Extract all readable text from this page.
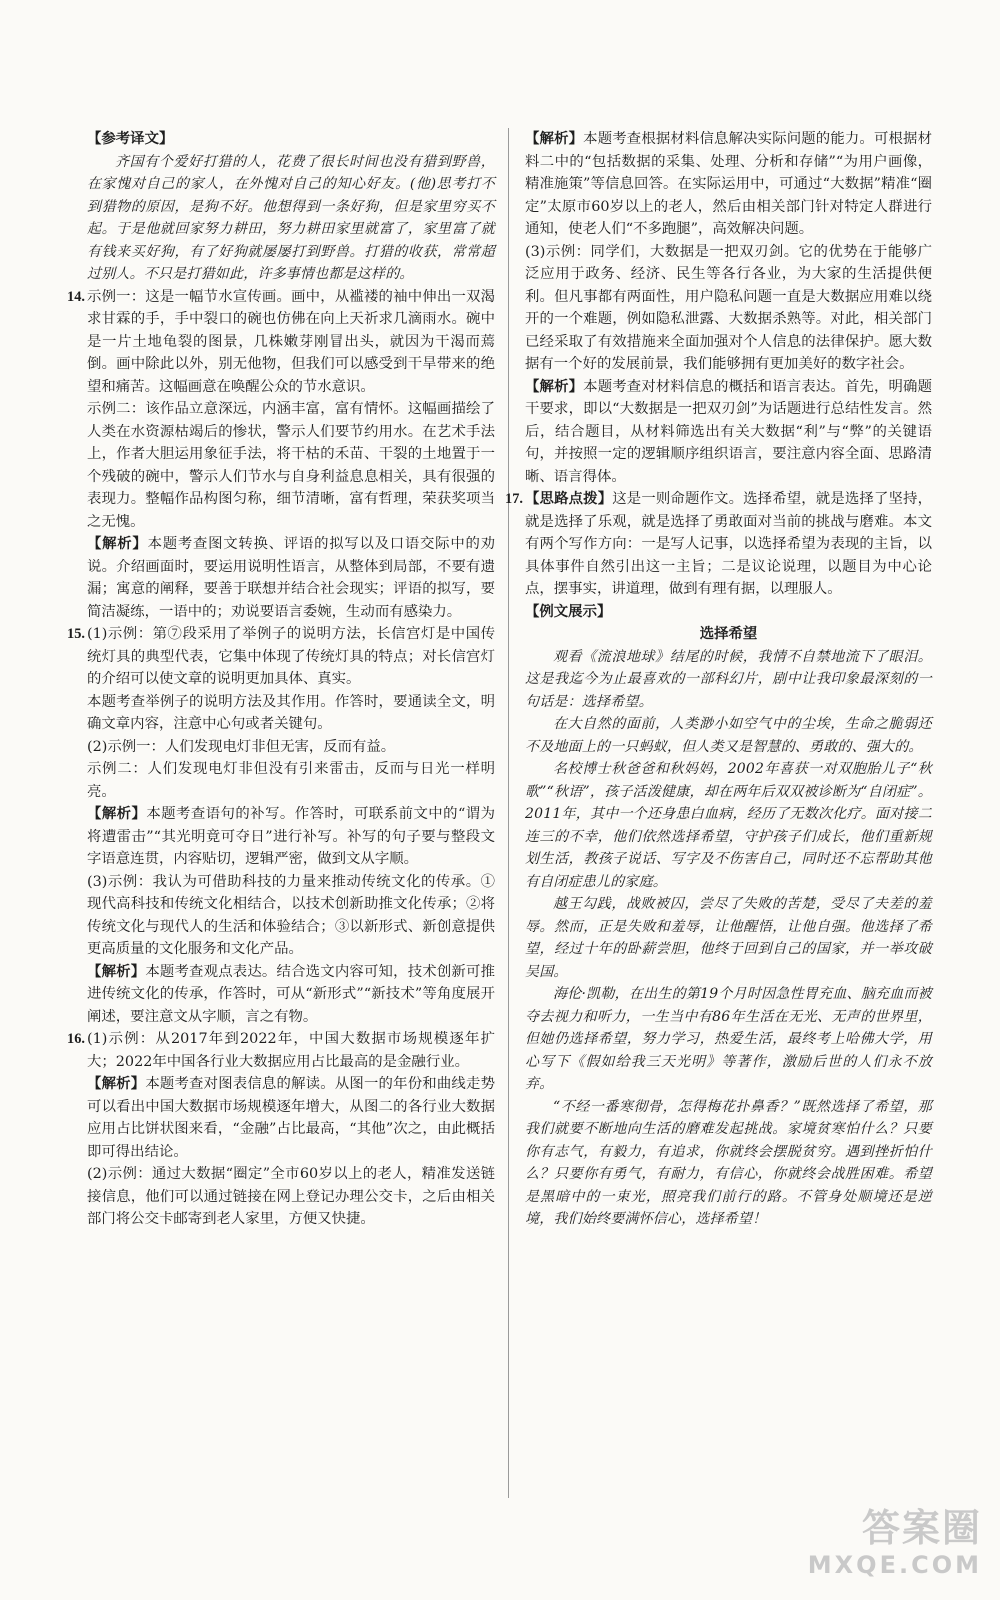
【参考译文】

齐国有个爱好打猎的人，花费了很长时间也没有猎到野兽，在家愧对自己的家人，在外愧对自己的知心好友。(他)思考打不到猎物的原因，是狗不好。他想得到一条好狗，但是家里穷买不起。于是他就回家努力耕田，努力耕田家里就富了，家里富了就有钱来买好狗，有了好狗就屡屡打到野兽。打猎的收获，常常超过别人。不只是打猎如此，许多事情也都是这样的。

14. 示例一：这是一幅节水宣传画。画中，从褴褛的袖中伸出一双渴求甘霖的手，手中裂口的碗也仿佛在向上天祈求几滴雨水。碗中是一片土地龟裂的图景，几株嫩芽刚冒出头，就因为干渴而蔫倒。画中除此以外，别无他物，但我们可以感受到干旱带来的绝望和痛苦。这幅画意在唤醒公众的节水意识。

示例二：该作品立意深远，内涵丰富，富有情怀。这幅画描绘了人类在水资源枯竭后的惨状，警示人们要节约用水。在艺术手法上，作者大胆运用象征手法，将干枯的禾苗、干裂的土地置于一个残破的碗中，警示人们节水与自身利益息息相关，具有很强的表现力。整幅作品构图匀称，细节清晰，富有哲理，荣获奖项当之无愧。

【解析】本题考查图文转换、评语的拟写以及口语交际中的劝说。介绍画面时，要运用说明性语言，从整体到局部，不要有遗漏；寓意的阐释，要善于联想并结合社会现实；评语的拟写，要简洁凝练，一语中的；劝说要语言委婉，生动而有感染力。

15. (1)示例：第⑦段采用了举例子的说明方法，长信宫灯是中国传统灯具的典型代表，它集中体现了传统灯具的特点；对长信宫灯的介绍可以使文章的说明更加具体、真实。

本题考查举例子的说明方法及其作用。作答时，要通读全文，明确文章内容，注意中心句或者关键句。

(2)示例一：人们发现电灯非但无害，反而有益。

示例二：人们发现电灯非但没有引来雷击，反而与日光一样明亮。

【解析】本题考查语句的补写。作答时，可联系前文中的“谓为将遭雷击”“其光明竟可夺日”进行补写。补写的句子要与整段文字语意连贯，内容贴切，逻辑严密，做到文从字顺。

(3)示例：我认为可借助科技的力量来推动传统文化的传承。①现代高科技和传统文化相结合，以技术创新助推文化传承；②将传统文化与现代人的生活和体验结合；③以新形式、新创意提供更高质量的文化服务和文化产品。

【解析】本题考查观点表达。结合选文内容可知，技术创新可推进传统文化的传承，作答时，可从“新形式”“新技术”等角度展开阐述，要注意文从字顺，言之有物。

16. (1)示例：从2017年到2022年，中国大数据市场规模逐年扩大；2022年中国各行业大数据应用占比最高的是金融行业。

【解析】本题考查对图表信息的解读。从图一的年份和曲线走势可以看出中国大数据市场规模逐年增大，从图二的各行业大数据应用占比饼状图来看，“金融”占比最高，“其他”次之，由此概括即可得出结论。

(2)示例：通过大数据“圈定”全市60岁以上的老人，精准发送链接信息，他们可以通过链接在网上登记办理公交卡，之后由相关部门将公交卡邮寄到老人家里，方便又快捷。

【解析】本题考查根据材料信息解决实际问题的能力。可根据材料二中的“包括数据的采集、处理、分析和存储”“为用户画像，精准施策”等信息回答。在实际运用中，可通过“大数据”精准“圈定”太原市60岁以上的老人，然后由相关部门针对特定人群进行通知，使老人们“不多跑腿”，高效解决问题。

(3)示例：同学们，大数据是一把双刃剑。它的优势在于能够广泛应用于政务、经济、民生等各行各业，为大家的生活提供便利。但凡事都有两面性，用户隐私问题一直是大数据应用难以绕开的一个难题，例如隐私泄露、大数据杀熟等。对此，相关部门已经采取了有效措施来全面加强对个人信息的法律保护。愿大数据有一个好的发展前景，我们能够拥有更加美好的数字社会。

【解析】本题考查对材料信息的概括和语言表达。首先，明确题干要求，即以“大数据是一把双刃剑”为话题进行总结性发言。然后，结合题目，从材料筛选出有关大数据“利”与“弊”的关键语句，并按照一定的逻辑顺序组织语言，要注意内容全面、思路清晰、语言得体。

17. 【思路点拨】这是一则命题作文。选择希望，就是选择了坚持，就是选择了乐观，就是选择了勇敢面对当前的挑战与磨难。本文有两个写作方向：一是写人记事，以选择希望为表现的主旨，以具体事件自然引出这一主旨；二是议论说理，以题目为中心论点，摆事实，讲道理，做到有理有据，以理服人。

【例文展示】

选择希望

观看《流浪地球》结尾的时候，我情不自禁地流下了眼泪。这是我迄今为止最喜欢的一部科幻片，剧中让我印象最深刻的一句话是：选择希望。

在大自然的面前，人类渺小如空气中的尘埃，生命之脆弱还不及地面上的一只蚂蚁，但人类又是智慧的、勇敢的、强大的。

名校博士秋爸爸和秋妈妈，2002年喜获一对双胞胎儿子“秋歌”“秋语”，孩子活泼健康，却在两年后双双被诊断为“自闭症”。2011年，其中一个还身患白血病，经历了无数次化疗。面对接二连三的不幸，他们依然选择希望，守护孩子们成长，他们重新规划生活，教孩子说话、写字及不伤害自己，同时还不忘帮助其他有自闭症患儿的家庭。

越王勾践，战败被囚，尝尽了失败的苦楚，受尽了夫差的羞辱。然而，正是失败和羞辱，让他醒悟，让他自强。他选择了希望，经过十年的卧薪尝胆，他终于回到自己的国家，并一举攻破吴国。

海伦·凯勒，在出生的第19个月时因急性胃充血、脑充血而被夺去视力和听力，一生当中有86年生活在无光、无声的世界里，但她仍选择希望，努力学习，热爱生活，最终考上哈佛大学，用心写下《假如给我三天光明》等著作，激励后世的人们永不放弃。

“不经一番寒彻骨，怎得梅花扑鼻香？”既然选择了希望，那我们就要不断地向生活的磨难发起挑战。家境贫寒怕什么？只要你有志气，有毅力，有追求，你就终会摆脱贫穷。遇到挫折怕什么？只要你有勇气，有耐力，有信心，你就终会战胜困难。希望是黑暗中的一束光，照亮我们前行的路。不管身处顺境还是逆境，我们始终要满怀信心，选择希望！

答案圈
MXQE.COM
